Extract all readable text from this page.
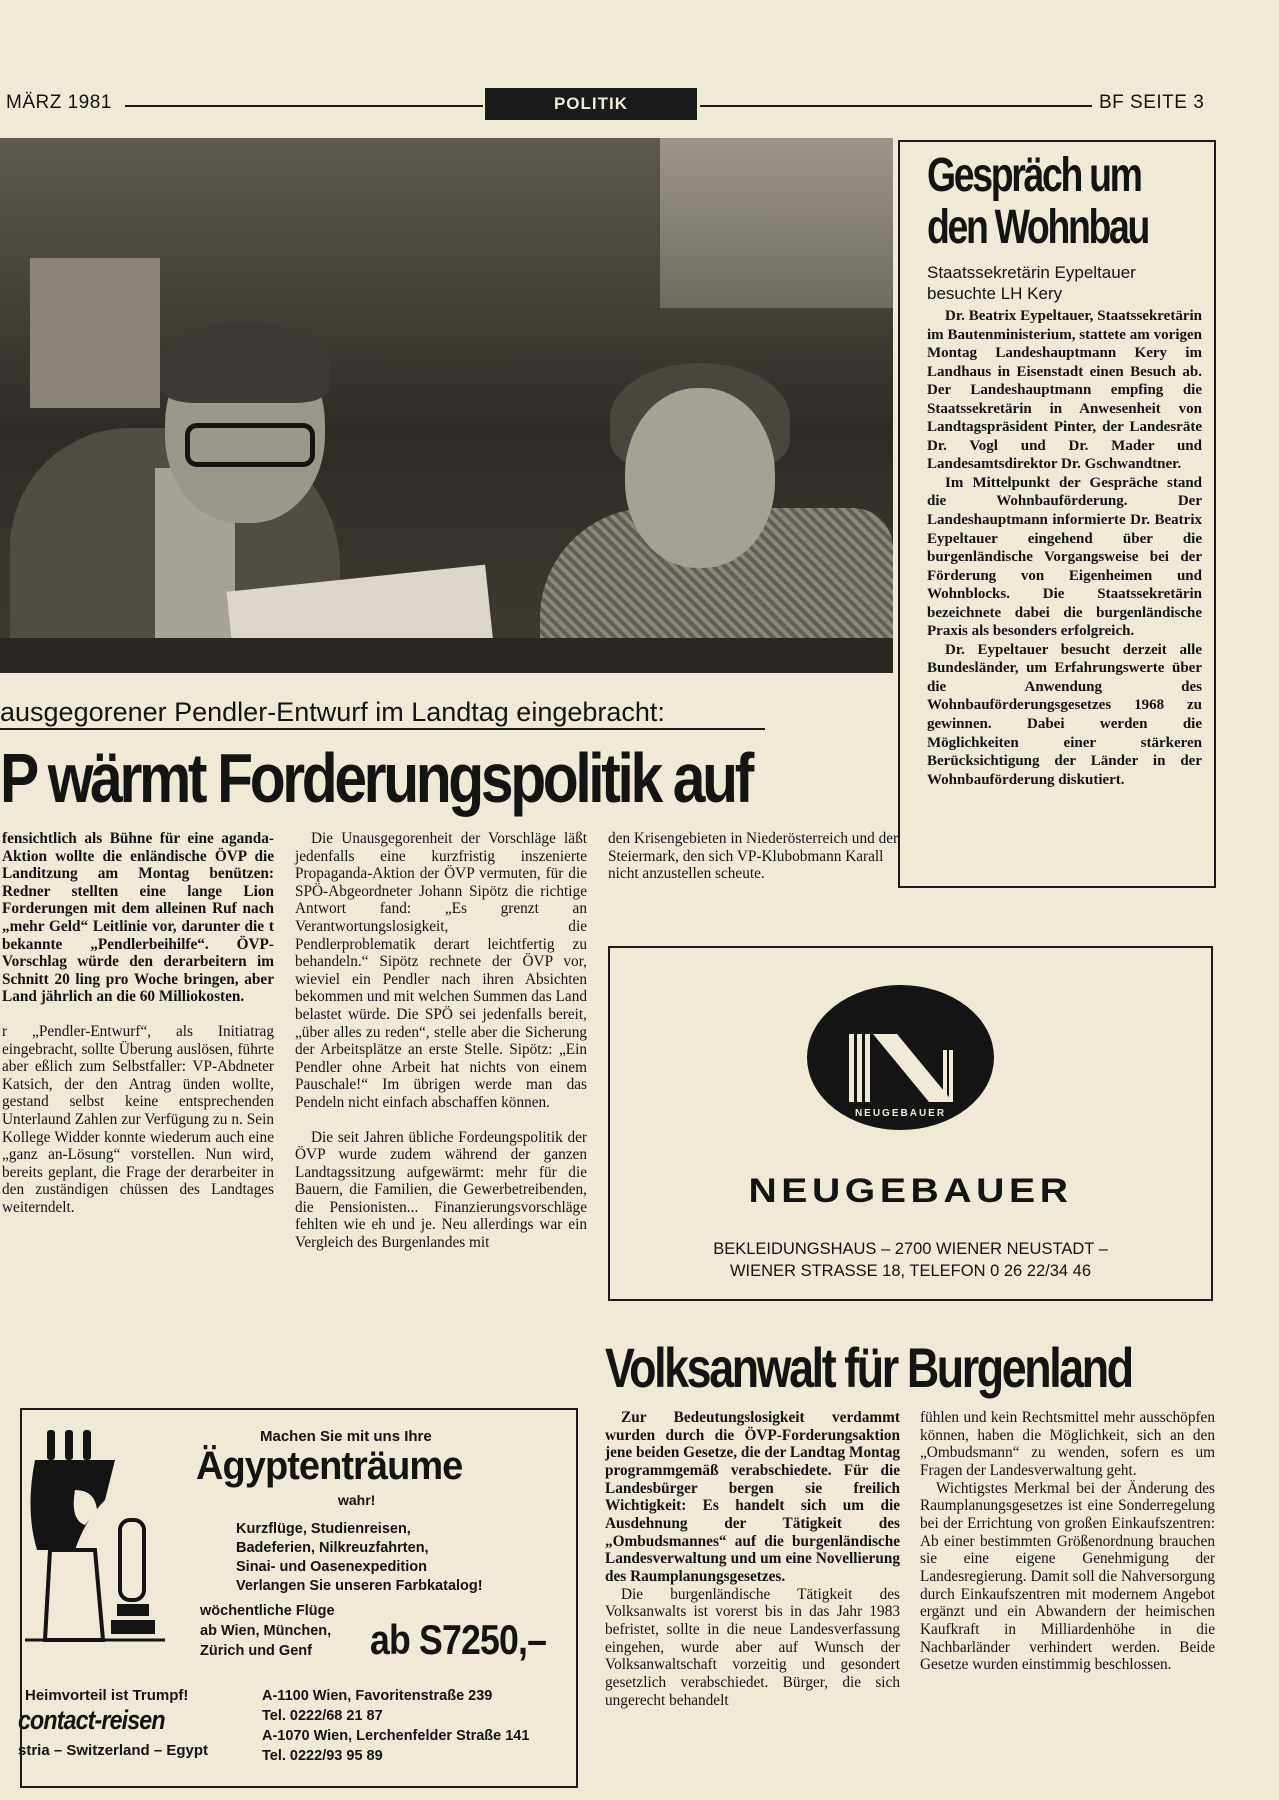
MÄRZ 1981	POLITIK	BF SEITE 3
Gespräch um
den Wohnbau
Staatssekretärin Eypeltauer
besuchte LH Kery

Dr. Beatrix Eypeltauer, Staatssekretärin im Bautenministerium, stattete am vorigen Montag Landeshauptmann Kery im Landhaus in Eisenstadt einen Besuch ab. Der Landeshauptmann empfing die Staatssekretärin in Anwesenheit von Landtagspräsident Pinter, der Landesräte Dr. Vogl und Dr. Mader und Landesamtsdirektor Dr. Gschwandtner.

Im Mittelpunkt der Gespräche stand die Wohnbauförderung. Der Landeshauptmann informierte Dr. Beatrix Eypeltauer eingehend über die burgenländische Vorgangsweise bei der Förderung von Eigenheimen und Wohnblocks. Die Staatssekretärin bezeichnete dabei die burgenländische Praxis als besonders erfolgreich.

Dr. Eypeltauer besucht derzeit alle Bundesländer, um Erfahrungswerte über die Anwendung des Wohnbauförderungsgesetzes 1968 zu gewinnen. Dabei werden die Möglichkeiten einer stärkeren Berücksichtigung der Länder in der Wohnbauförderung diskutiert.

ausgegorener Pendler-Entwurf im Landtag eingebracht:
P wärmt Forderungspolitik auf

fensichtlich als Bühne für eine aganda-Aktion wollte die enländische ÖVP die Landitzung am Montag benützen: Redner stellten eine lange Lion Forderungen mit dem alleinen Ruf nach „mehr Geld“ Leitlinie vor, darunter die t bekannte „Pendlerbeihilfe“. ÖVP-Vorschlag würde den derarbeitern im Schnitt 20 ling pro Woche bringen, aber Land jährlich an die 60 Milliokosten.

r „Pendler-Entwurf“, als Initiatrag eingebracht, sollte Überung auslösen, führte aber eßlich zum Selbstfaller: VP-Abdneter Katsich, der den Antrag ünden wollte, gestand selbst keine entsprechenden Unterlaund Zahlen zur Verfügung zu n. Sein Kollege Widder konnte wiederum auch eine „ganz an-Lösung“ vorstellen. Nun wird, bereits geplant, die Frage der derarbeiter in den zuständigen chüssen des Landtages weiterndelt.

Die Unausgegorenheit der Vorschläge läßt jedenfalls eine kurzfristig inszenierte Propaganda-Aktion der ÖVP vermuten, für die SPÖ-Abgeordneter Johann Sipötz die richtige Antwort fand: „Es grenzt an Verantwortungslosigkeit, die Pendlerproblematik derart leichtfertig zu behandeln.“ Sipötz rechnete der ÖVP vor, wieviel ein Pendler nach ihren Absichten bekommen und mit welchen Summen das Land belastet würde. Die SPÖ sei jedenfalls bereit, „über alles zu reden“, stelle aber die Sicherung der Arbeitsplätze an erste Stelle. Sipötz: „Ein Pendler ohne Arbeit hat nichts von einem Pauschale!“ Im übrigen werde man das Pendeln nicht einfach abschaffen können.

Die seit Jahren übliche Fordeungspolitik der ÖVP wurde zudem während der ganzen Landtagssitzung aufgewärmt: mehr für die Bauern, die Familien, die Gewerbetreibenden, die Pensionisten... Finanzierungsvorschläge fehlten wie eh und je. Neu allerdings war ein Vergleich des Burgenlandes mit

den Krisengebieten in Niederösterreich und der Steiermark, den sich VP-Klubobmann Karall nicht anzustellen scheute.

NEUGEBAUER
NEUGEBAUER
BEKLEIDUNGSHAUS – 2700 WIENER NEUSTADT –
WIENER STRASSE 18, TELEFON 0 26 22/34 46
Volksanwalt für Burgenland

Zur Bedeutungslosigkeit verdammt wurden durch die ÖVP-Forderungsaktion jene beiden Gesetze, die der Landtag Montag programmgemäß verabschiedete. Für die Landesbürger bergen sie freilich Wichtigkeit: Es handelt sich um die Ausdehnung der Tätigkeit des „Ombudsmannes“ auf die burgenländische Landesverwaltung und um eine Novellierung des Raumplanungsgesetzes.

Die burgenländische Tätigkeit des Volksanwalts ist vorerst bis in das Jahr 1983 befristet, sollte in die neue Landesverfassung eingehen, wurde aber auf Wunsch der Volksanwaltschaft vorzeitig und gesondert gesetzlich verabschiedet. Bürger, die sich ungerecht behandelt

fühlen und kein Rechtsmittel mehr ausschöpfen können, haben die Möglichkeit, sich an den „Ombudsmann“ zu wenden, sofern es um Fragen der Landesverwaltung geht.

Wichtigstes Merkmal bei der Änderung des Raumplanungsgesetzes ist eine Sonderregelung bei der Errichtung von großen Einkaufszentren: Ab einer bestimmten Größenordnung brauchen sie eine eigene Genehmigung der Landesregierung. Damit soll die Nahversorgung durch Einkaufszentren mit modernem Angebot ergänzt und ein Abwandern der heimischen Kaufkraft in Milliardenhöhe in die Nachbarländer verhindert werden. Beide Gesetze wurden einstimmig beschlossen.

Machen Sie mit uns Ihre
Ägyptenträume
wahr!
Kurzflüge, Studienreisen,
Badeferien, Nilkreuzfahrten,
Sinai- und Oasenexpedition
Verlangen Sie unseren Farbkatalog!
wöchentliche Flüge
ab Wien, München,
Zürich und Genf	ab S7250,–
Heimvorteil ist Trumpf!
contact-reisen
stria – Switzerland – Egypt
A-1100 Wien, Favoritenstraße 239
Tel. 0222/68 21 87
A-1070 Wien, Lerchenfelder Straße 141
Tel. 0222/93 95 89
